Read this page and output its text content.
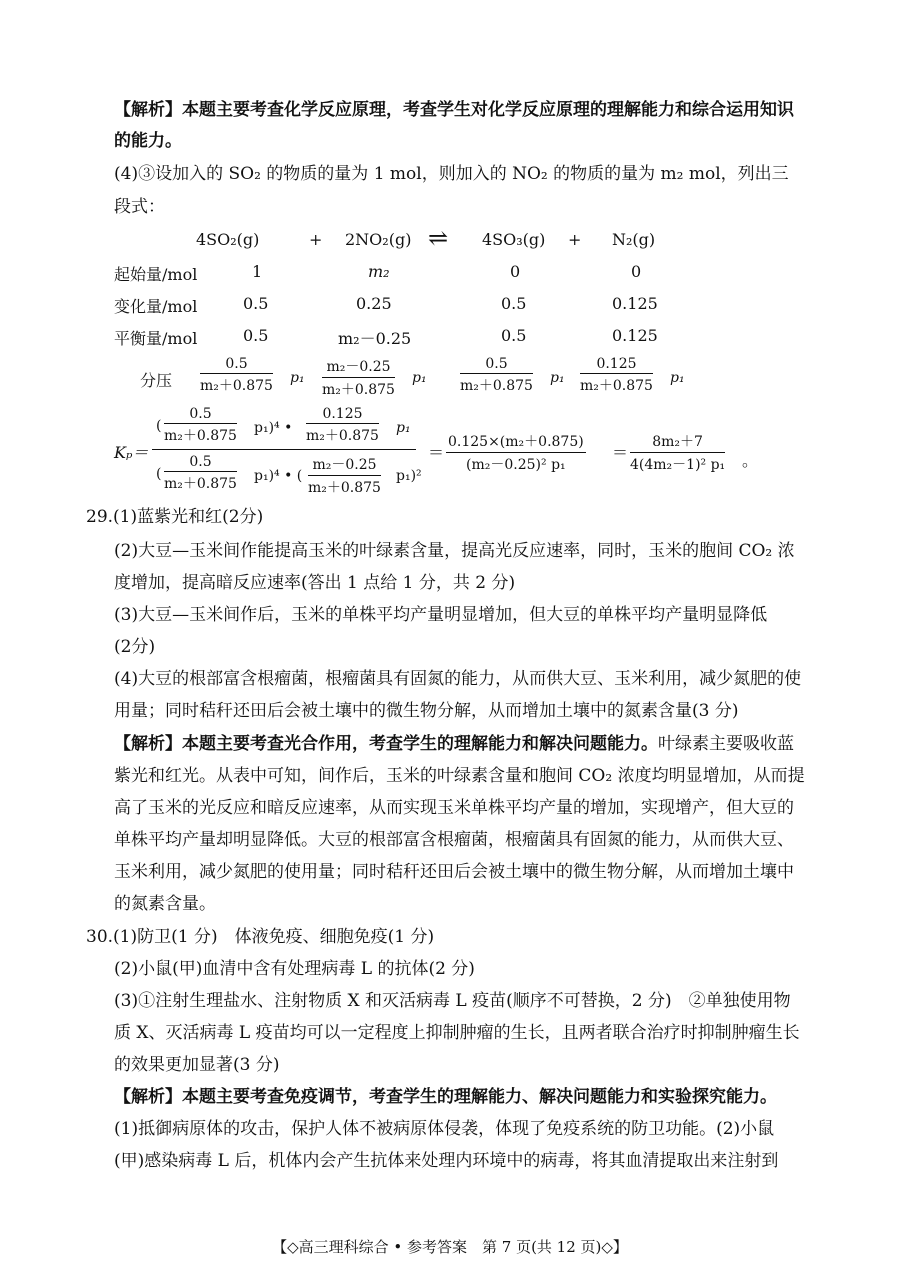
【解析】本题主要考查化学反应原理，考查学生对化学反应原理的理解能力和综合运用知识
的能力。
(4)③设加入的 SO₂ 的物质的量为 1 mol，则加入的 NO₂ 的物质的量为 m₂ mol，列出三
段式：
4SO₂(g)	+ 2NO₂(g) ⇌ 4SO₃(g) + N₂(g)
起始量/mol	1	m₂	0	0
变化量/mol	0.5	0.25	0.5	0.125
平衡量/mol	0.5	m₂－0.25	0.5	0.125
分压 $\frac{0.5}{\text{m₂＋0.875}} p_1 \frac{\text{m₂－0.25}}{\text{m₂＋0.875}} p_1 \frac{0.5}{\text{m₂＋0.875}} p_1 \frac{0.125}{\text{m₂＋0.875}} p_1$
Kₚ＝
( $\frac{0.5}{\text{m₂＋0.875}} p_1)^4$ • $\frac{0.125}{\text{m₂＋0.875}} p_1$
( $\frac{0.5}{\text{m₂＋0.875}} p_1)^4$ • ( $\frac{\text{m₂－0.25}}{\text{m₂＋0.875}} p_1)^2$
＝ $\frac{\text{0.125×(m₂＋0.875)}}{\text{(m₂－0.25)² p₁}} = \frac{\text{8m₂＋7}}{\text{4(4m₂－1)² p₁}}$ 。
29.(1)蓝紫光和红(2分)
(2)大豆—玉米间作能提高玉米的叶绿素含量，提高光反应速率，同时，玉米的胞间 CO₂ 浓
度增加，提高暗反应速率(答出 1 点给 1 分，共 2 分)
(3)大豆—玉米间作后，玉米的单株平均产量明显增加，但大豆的单株平均产量明显降低
(2分)
(4)大豆的根部富含根瘤菌，根瘤菌具有固氮的能力，从而供大豆、玉米利用，减少氮肥的使
用量；同时秸秆还田后会被土壤中的微生物分解，从而增加土壤中的氮素含量(3 分)
【解析】本题主要考查光合作用，考查学生的理解能力和解决问题能力。叶绿素主要吸收蓝
紫光和红光。从表中可知，间作后，玉米的叶绿素含量和胞间 CO₂ 浓度均明显增加，从而提
高了玉米的光反应和暗反应速率，从而实现玉米单株平均产量的增加，实现增产，但大豆的
单株平均产量却明显降低。大豆的根部富含根瘤菌，根瘤菌具有固氮的能力，从而供大豆、
玉米利用，减少氮肥的使用量；同时秸秆还田后会被土壤中的微生物分解，从而增加土壤中
的氮素含量。
30.(1)防卫(1 分)　体液免疫、细胞免疫(1 分)
(2)小鼠(甲)血清中含有处理病毒 L 的抗体(2 分)
(3)①注射生理盐水、注射物质 X 和灭活病毒 L 疫苗(顺序不可替换，2 分)　②单独使用物
质 X、灭活病毒 L 疫苗均可以一定程度上抑制肿瘤的生长，且两者联合治疗时抑制肿瘤生长
的效果更加显著(3 分)
【解析】本题主要考查免疫调节，考查学生的理解能力、解决问题能力和实验探究能力。
(1)抵御病原体的攻击，保护人体不被病原体侵袭，体现了免疫系统的防卫功能。(2)小鼠
(甲)感染病毒 L 后，机体内会产生抗体来处理内环境中的病毒，将其血清提取出来注射到
【◇高三理科综合 • 参考答案　第 7 页(共 12 页)◇】
